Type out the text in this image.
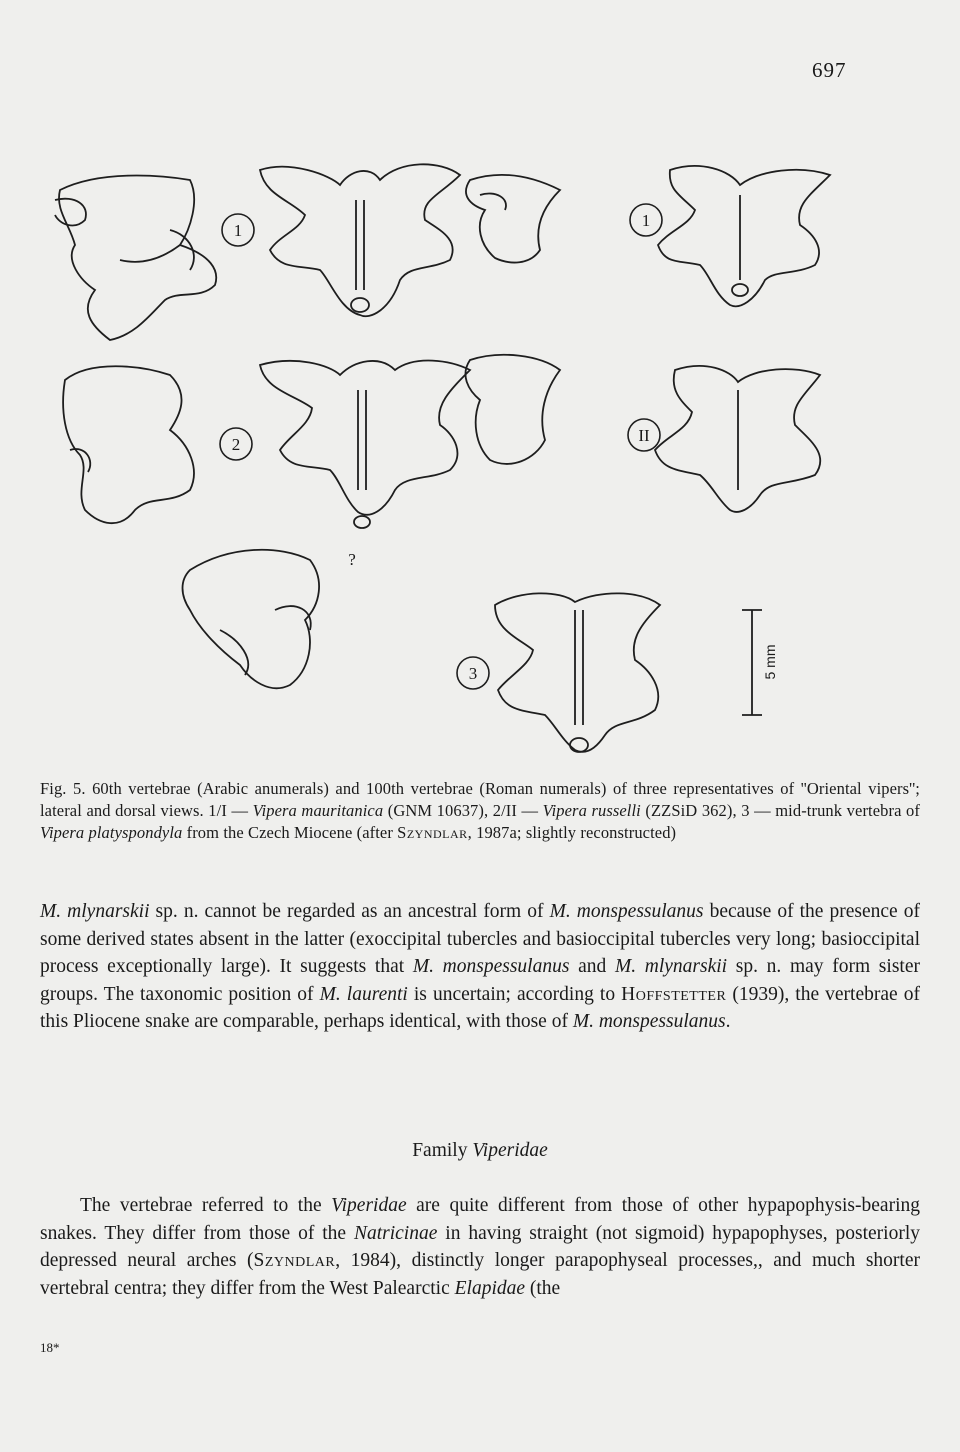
697
1
1
2	II
?
3	5 mm
Fig. 5. 60th vertebrae (Arabic anumerals) and 100th vertebrae (Roman numerals) of three representatives of ''Oriental vipers''; lateral and dorsal views. 1/I — Vipera mauritanica (GNM 10637), 2/II — Vipera russelli (ZZSiD 362), 3 — mid-trunk vertebra of Vipera platyspondyla from the Czech Miocene (after Szyndlar, 1987a; slightly reconstructed)
M. mlynarskii sp. n. cannot be regarded as an ancestral form of M. monspessulanus because of the presence of some derived states absent in the latter (exoccipital tubercles and basioccipital tubercles very long; basioccipital process exceptionally large). It suggests that M. monspessulanus and M. mlynarskii sp. n. may form sister groups. The taxonomic position of M. laurenti is uncertain; according to Hoffstetter (1939), the vertebrae of this Pliocene snake are comparable, perhaps identical, with those of M. monspessulanus.
Family Viperidae
The vertebrae referred to the Viperidae are quite different from those of other hypapophysis-bearing snakes. They differ from those of the Natricinae in having straight (not sigmoid) hypapophyses, posteriorly depressed neural arches (Szyndlar, 1984), distinctly longer parapophyseal processes,, and much shorter vertebral centra; they differ from the West Palearctic Elapidae (the
18*
